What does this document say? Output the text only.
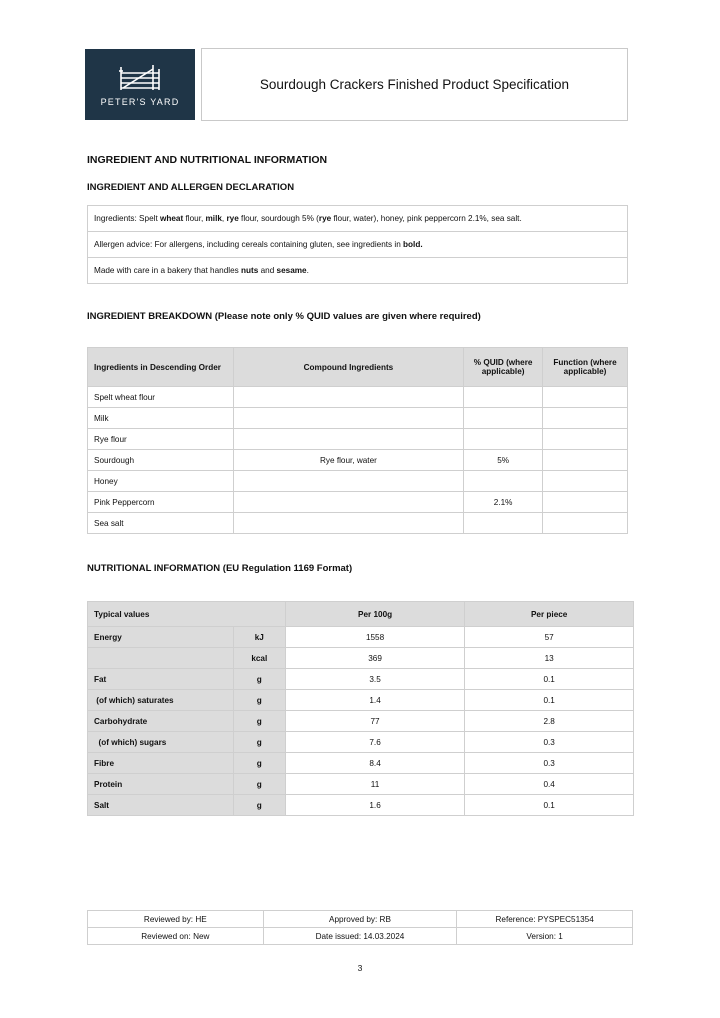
PETER'S YARD
Sourdough Crackers Finished Product Specification
INGREDIENT AND NUTRITIONAL INFORMATION
INGREDIENT AND ALLERGEN DECLARATION
Ingredients: Spelt wheat flour, milk, rye flour, sourdough 5% (rye flour, water), honey, pink peppercorn 2.1%, sea salt.
Allergen advice: For allergens, including cereals containing gluten, see ingredients in bold.
Made with care in a bakery that handles nuts and sesame.
INGREDIENT BREAKDOWN (Please note only % QUID values are given where required)
Ingredients in Descending Order	Compound Ingredients	% QUID (where applicable)	Function (where applicable)
Spelt wheat flour			
Milk			
Rye flour			
Sourdough	Rye flour, water	5%	
Honey			
Pink Peppercorn		2.1%	
Sea salt			
NUTRITIONAL INFORMATION (EU Regulation 1169 Format)
Typical values		Per 100g	Per piece
Energy	kJ	1558	57
	kcal	369	13
Fat	g	3.5	0.1
(of which) saturates	g	1.4	0.1
Carbohydrate	g	77	2.8
(of which) sugars	g	7.6	0.3
Fibre	g	8.4	0.3
Protein	g	11	0.4
Salt	g	1.6	0.1
Reviewed by: HE	Approved by: RB	Reference: PYSPEC51354
Reviewed on: New	Date issued: 14.03.2024	Version: 1
3
